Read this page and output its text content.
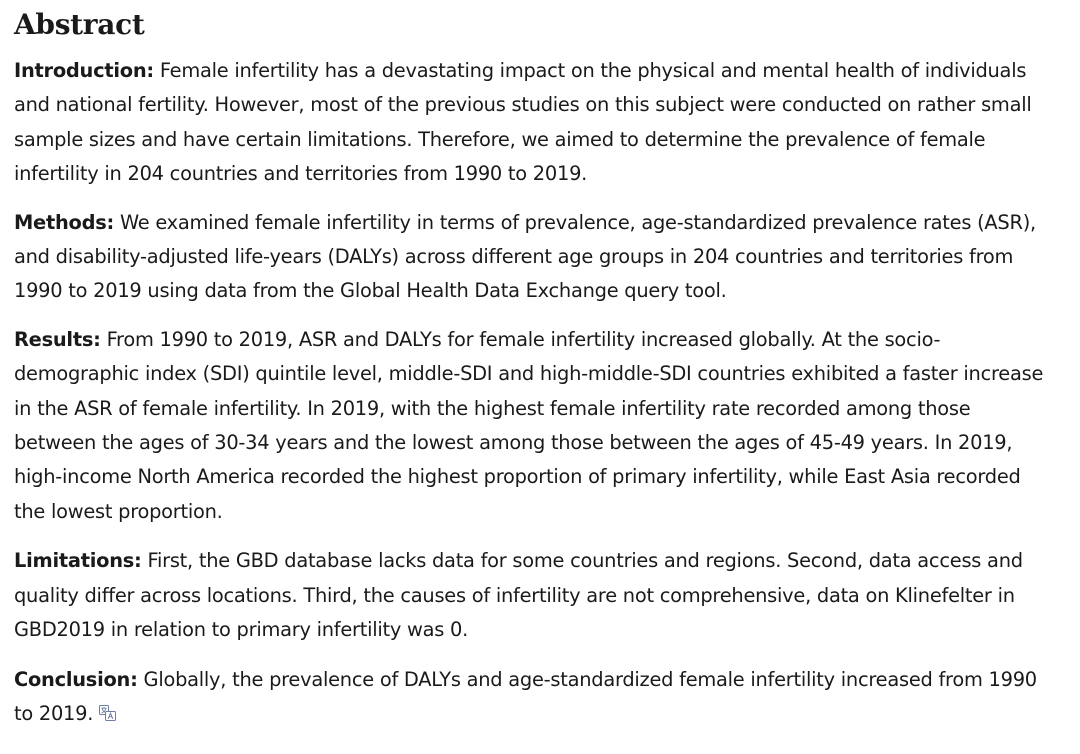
Abstract

Introduction: Female infertility has a devastating impact on the physical and mental health of individuals and national fertility. However, most of the previous studies on this subject were conducted on rather small sample sizes and have certain limitations. Therefore, we aimed to determine the prevalence of female infertility in 204 countries and territories from 1990 to 2019.

Methods: We examined female infertility in terms of prevalence, age-standardized prevalence rates (ASR), and disability-adjusted life-years (DALYs) across different age groups in 204 countries and territories from 1990 to 2019 using data from the Global Health Data Exchange query tool.

Results: From 1990 to 2019, ASR and DALYs for female infertility increased globally. At the socio-demographic index (SDI) quintile level, middle-SDI and high-middle-SDI countries exhibited a faster increase in the ASR of female infertility. In 2019, with the highest female infertility rate recorded among those between the ages of 30-34 years and the lowest among those between the ages of 45-49 years. In 2019, high-income North America recorded the highest proportion of primary infertility, while East Asia recorded the lowest proportion.

Limitations: First, the GBD database lacks data for some countries and regions. Second, data access and quality differ across locations. Third, the causes of infertility are not comprehensive, data on Klinefelter in GBD2019 in relation to primary infertility was 0.

Conclusion: Globally, the prevalence of DALYs and age-standardized female infertility increased from 1990 to 2019.
